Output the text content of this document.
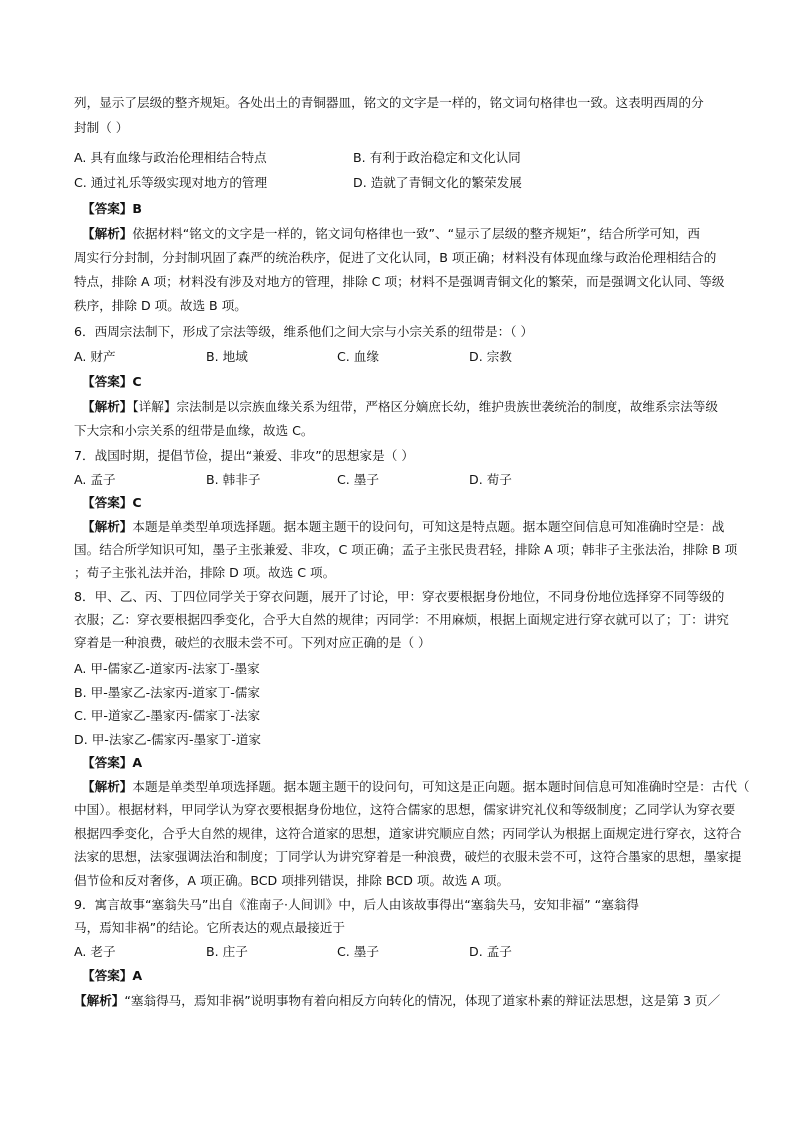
列，显示了层级的整齐规矩。各处出土的青铜器皿，铭文的文字是一样的，铭文词句格律也一致。这表明西周的分
封制（ ）
A. 具有血缘与政治伦理相结合特点	B. 有利于政治稳定和文化认同
C. 通过礼乐等级实现对地方的管理	D. 造就了青铜文化的繁荣发展
【答案】B
【解析】依据材料“铭文的文字是一样的，铭文词句格律也一致”、“显示了层级的整齐规矩”，结合所学可知，西
周实行分封制，分封制巩固了森严的统治秩序，促进了文化认同，B 项正确；材料没有体现血缘与政治伦理相结合的
特点，排除 A 项；材料没有涉及对地方的管理，排除 C 项；材料不是强调青铜文化的繁荣，而是强调文化认同、等级
秩序，排除 D 项。故选 B 项。
6．西周宗法制下，形成了宗法等级，维系他们之间大宗与小宗关系的纽带是：（ ）
A. 财产	B. 地域	C. 血缘	D. 宗教
【答案】C
【解析】【详解】宗法制是以宗族血缘关系为纽带，严格区分嫡庶长幼，维护贵族世袭统治的制度，故维系宗法等级
下大宗和小宗关系的纽带是血缘，故选 C。
7．战国时期，提倡节俭，提出“兼爱、非攻”的思想家是（ ）
A. 孟子	B. 韩非子	C. 墨子	D. 荀子
【答案】C
【解析】本题是单类型单项选择题。据本题主题干的设问句，可知这是特点题。据本题空间信息可知准确时空是：战
国。结合所学知识可知，墨子主张兼爱、非攻，C 项正确；孟子主张民贵君轻，排除 A 项；韩非子主张法治，排除 B 项
；荀子主张礼法并治，排除 D 项。故选 C 项。
8．甲、乙、丙、丁四位同学关于穿衣问题，展开了讨论，甲：穿衣要根据身份地位，不同身份地位选择穿不同等级的
衣服；乙：穿衣要根据四季变化，合乎大自然的规律；丙同学：不用麻烦，根据上面规定进行穿衣就可以了；丁：讲究
穿着是一种浪费，破烂的衣服未尝不可。下列对应正确的是（ ）
A. 甲-儒家乙-道家丙-法家丁-墨家
B. 甲-墨家乙-法家丙-道家丁-儒家
C. 甲-道家乙-墨家丙-儒家丁-法家
D. 甲-法家乙-儒家丙-墨家丁-道家
【答案】A
【解析】本题是单类型单项选择题。据本题主题干的设问句，可知这是正向题。据本题时间信息可知准确时空是：古代（
中国）。根据材料，甲同学认为穿衣要根据身份地位，这符合儒家的思想，儒家讲究礼仪和等级制度；乙同学认为穿衣要
根据四季变化，合乎大自然的规律，这符合道家的思想，道家讲究顺应自然；丙同学认为根据上面规定进行穿衣，这符合
法家的思想，法家强调法治和制度；丁同学认为讲究穿着是一种浪费，破烂的衣服未尝不可，这符合墨家的思想，墨家提
倡节俭和反对奢侈，A 项正确。BCD 项排列错误，排除 BCD 项。故选 A 项。
9．寓言故事“塞翁失马”出自《淮南子·人间训》中，后人由该故事得出“塞翁失马，安知非福” “塞翁得
马，焉知非祸”的结论。它所表达的观点最接近于
A. 老子	B. 庄子	C. 墨子	D. 孟子
【答案】A
【解析】“塞翁得马，焉知非祸”说明事物有着向相反方向转化的情况，体现了道家朴素的辩证法思想，这是第 3 页／
